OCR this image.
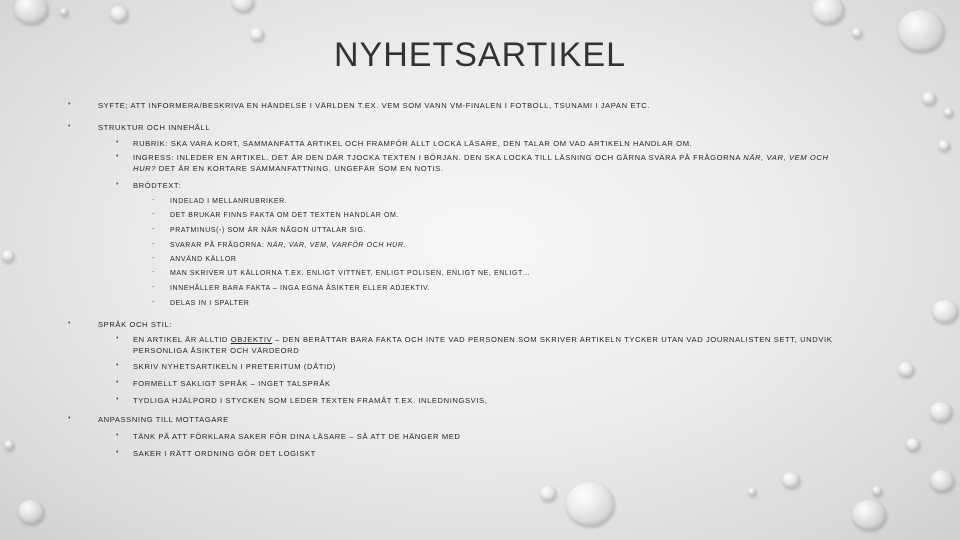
NYHETSARTIKEL
•	SYFTE; ATT INFORMERA/BESKRIVA EN HÄNDELSE I VÄRLDEN T.EX. VEM SOM VANN VM-FINALEN I FOTBOLL, TSUNAMI I JAPAN ETC.
•	STRUKTUR OCH INNEHÅLL
• RUBRIK: SKA VARA KORT, SAMMANFATTA ARTIKEL OCH FRAMFÖR ALLT LOCKA LÄSARE, DEN TALAR OM VAD ARTIKELN HANDLAR OM.
• INGRESS: INLEDER EN ARTIKEL. DET ÄR DEN DÄR TJOCKA TEXTEN I BÖRJAN. DEN SKA LOCKA TILL LÄSNING OCH GÄRNA SVARA PÅ FRÅGORNA NÄR, VAR, VEM OCH
HUR? DET ÄR EN KORTARE SAMMANFATTNING. UNGEFÄR SOM EN NOTIS.
• BRÖDTEXT:
- INDELAD I MELLANRUBRIKER.
- DET BRUKAR FINNS FAKTA OM DET TEXTEN HANDLAR OM.
- PRATMINUS(-) SOM ÄR NÄR NÅGON UTTALAR SIG.
- SVARAR PÅ FRÅGORNA: NÄR, VAR, VEM, VARFÖR OCH HUR.
- ANVÄND KÄLLOR
- MAN SKRIVER UT KÄLLORNA T.EX. ENLIGT VITTNET, ENLIGT POLISEN, ENLIGT NE, ENLIGT…
- INNEHÅLLER BARA FAKTA – INGA EGNA ÅSIKTER ELLER ADJEKTIV.
- DELAS IN I SPALTER
•	SPRÅK OCH STIL:
• EN ARTIKEL ÄR ALLTID OBJEKTIV – DEN BERÄTTAR BARA FAKTA OCH INTE VAD PERSONEN SOM SKRIVER ARTIKELN TYCKER UTAN VAD JOURNALISTEN SETT, UNDVIK
PERSONLIGA ÅSIKTER OCH VÄRDEORD
• SKRIV NYHETSARTIKELN I PRETERITUM (DÅTID)
• FORMELLT SAKLIGT SPRÅK – INGET TALSPRÅK
• TYDLIGA HJÄLPORD I STYCKEN SOM LEDER TEXTEN FRAMÅT T.EX. INLEDNINGSVIS,
•	ANPASSNING TILL MOTTAGARE
• TÄNK PÅ ATT FÖRKLARA SAKER FÖR DINA LÄSARE – SÅ ATT DE HÄNGER MED
• SAKER I RÄTT ORDNING GÖR DET LOGISKT
